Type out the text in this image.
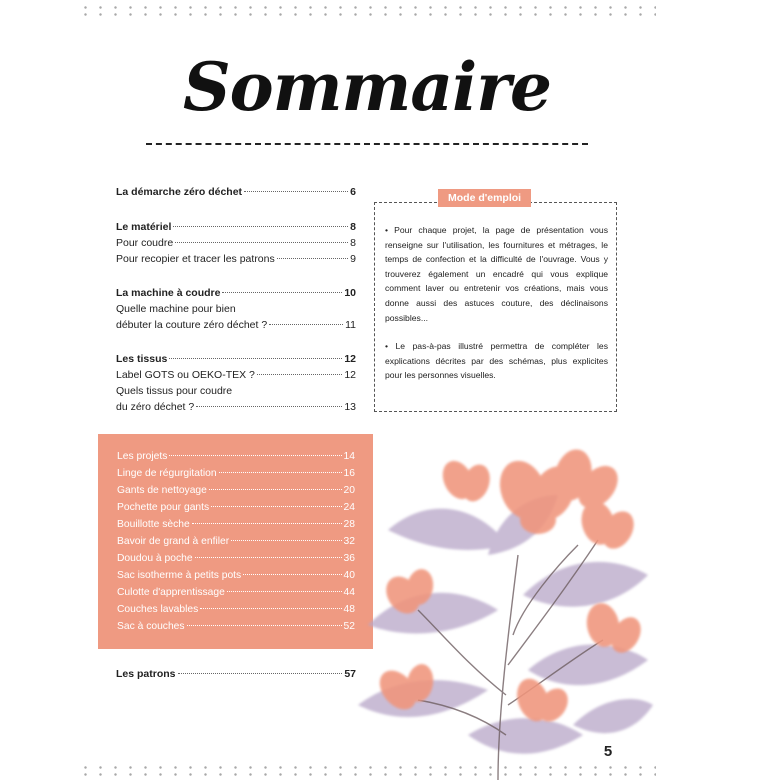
Sommaire
La démarche zéro déchet	6
Le matériel	8
Pour coudre	8
Pour recopier et tracer les patrons	9
La machine à coudre	10
Quelle machine pour bien
débuter la couture zéro déchet ?	11
Les tissus	12
Label GOTS ou OEKO-TEX ?	12
Quels tissus pour coudre
du zéro déchet ?	13
Les patrons	57

• Pour chaque projet, la page de présentation vous renseigne sur l'utilisation, les fournitures et métrages, le temps de confection et la difficulté de l'ouvrage. Vous y trouverez également un encadré qui vous explique comment laver ou entretenir vos créations, mais vous donne aussi des astuces couture, des déclinaisons possibles...

• Le pas-à-pas illustré permettra de compléter les explications décrites par des schémas, plus explicites pour les personnes visuelles.

Mode d'emploi
Les projets	14
Linge de régurgitation	16
Gants de nettoyage	20
Pochette pour gants	24
Bouillotte sèche	28
Bavoir de grand à enfiler	32
Doudou à poche	36
Sac isotherme à petits pots	40
Culotte d'apprentissage	44
Couches lavables	48
Sac à couches	52
5
